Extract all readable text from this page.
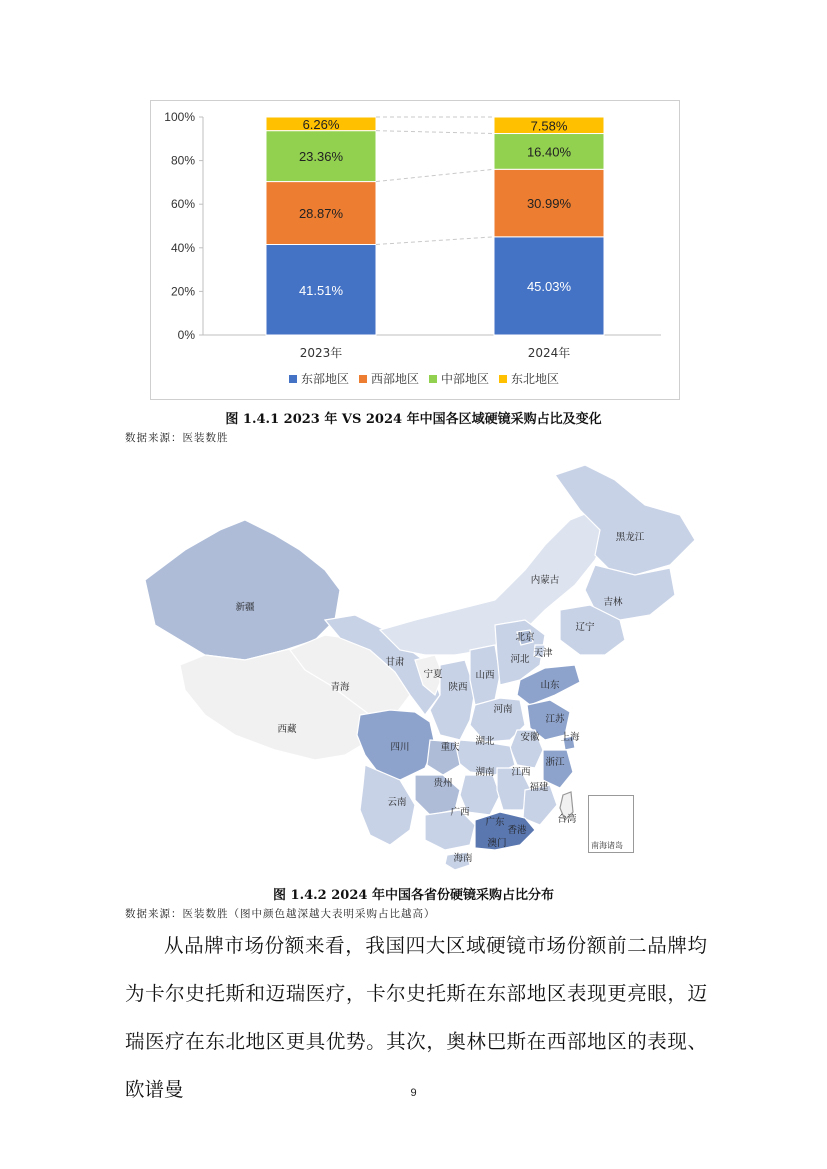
0%
20%
40%
60%
80%
100%
41.51%
28.87%
23.36%
6.26%
2023年
45.03%
30.99%
16.40%
7.58%
2024年
东部地区 西部地区 中部地区 东北地区
图 1.4.1 2023 年 VS 2024 年中国各区域硬镜采购占比及变化
数据来源：医装数胜
黑龙江
吉林
辽宁
内蒙古
新疆
北京
天津
河北
山西
甘肃
宁夏
青海	陕西	山东
河南
江苏
安徽 上海
西藏
四川	重庆
湖北
浙江
湖南 江西
贵州	福建
云南
广西
广东	台湾
香港
澳门
海南
南海诸岛
图 1.4.2 2024 年中国各省份硬镜采购占比分布
数据来源：医装数胜（图中颜色越深越大表明采购占比越高）

从品牌市场份额来看，我国四大区域硬镜市场份额前二品牌均为卡尔史托斯和迈瑞医疗，卡尔史托斯在东部地区表现更亮眼，迈瑞医疗在东北地区更具优势。其次，奥林巴斯在西部地区的表现、欧谱曼	9
